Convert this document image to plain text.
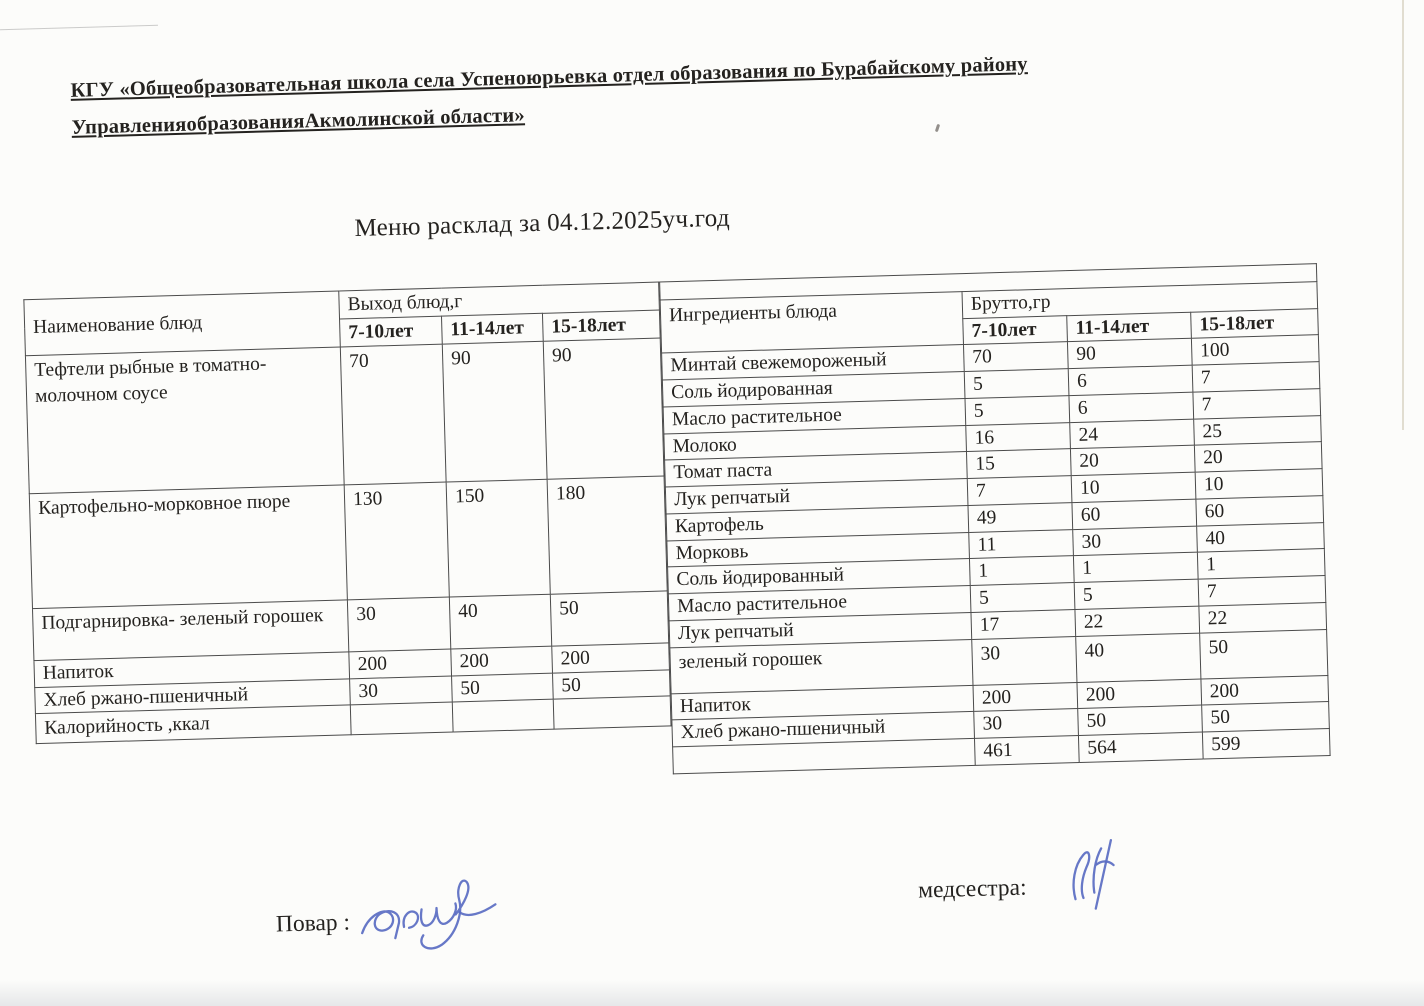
КГУ «Общеобразовательная школа села Успеноюрьевка отдел образования по Бурабайскому району
УправленияобразованияАкмолинской области»
Меню расклад за 04.12.2025уч.год
Наименование блюд	Выход блюд,г		
	7-10лет	11-14лет	15-18лет
Тефтели рыбные в томатно-молочном соусе	70	90	90
Картофельно-морковное пюре	130	150	180
Подгарнировка- зеленый горошек	30	40	50
Напиток	200	200	200
Хлеб ржано-пшеничный	30	50	50
Калорийность ,ккал			

Ингредиенты блюда	Брутто,гр		
	7-10лет	11-14лет	15-18лет
Минтай свежемороженый	70	90	100
Соль йодированная	5	6	7
Масло растительное	5	6	7
Молоко	16	24	25
Томат паста	15	20	20
Лук репчатый	7	10	10
Картофель	49	60	60
Морковь	11	30	40
Соль йодированный	1	1	1
Масло растительное	5	5	7
Лук репчатый	17	22	22
зеленый горошек	30	40	50
Напиток	200	200	200
Хлеб ржано-пшеничный	30	50	50
	461	564	599
Повар :
медсестра:
